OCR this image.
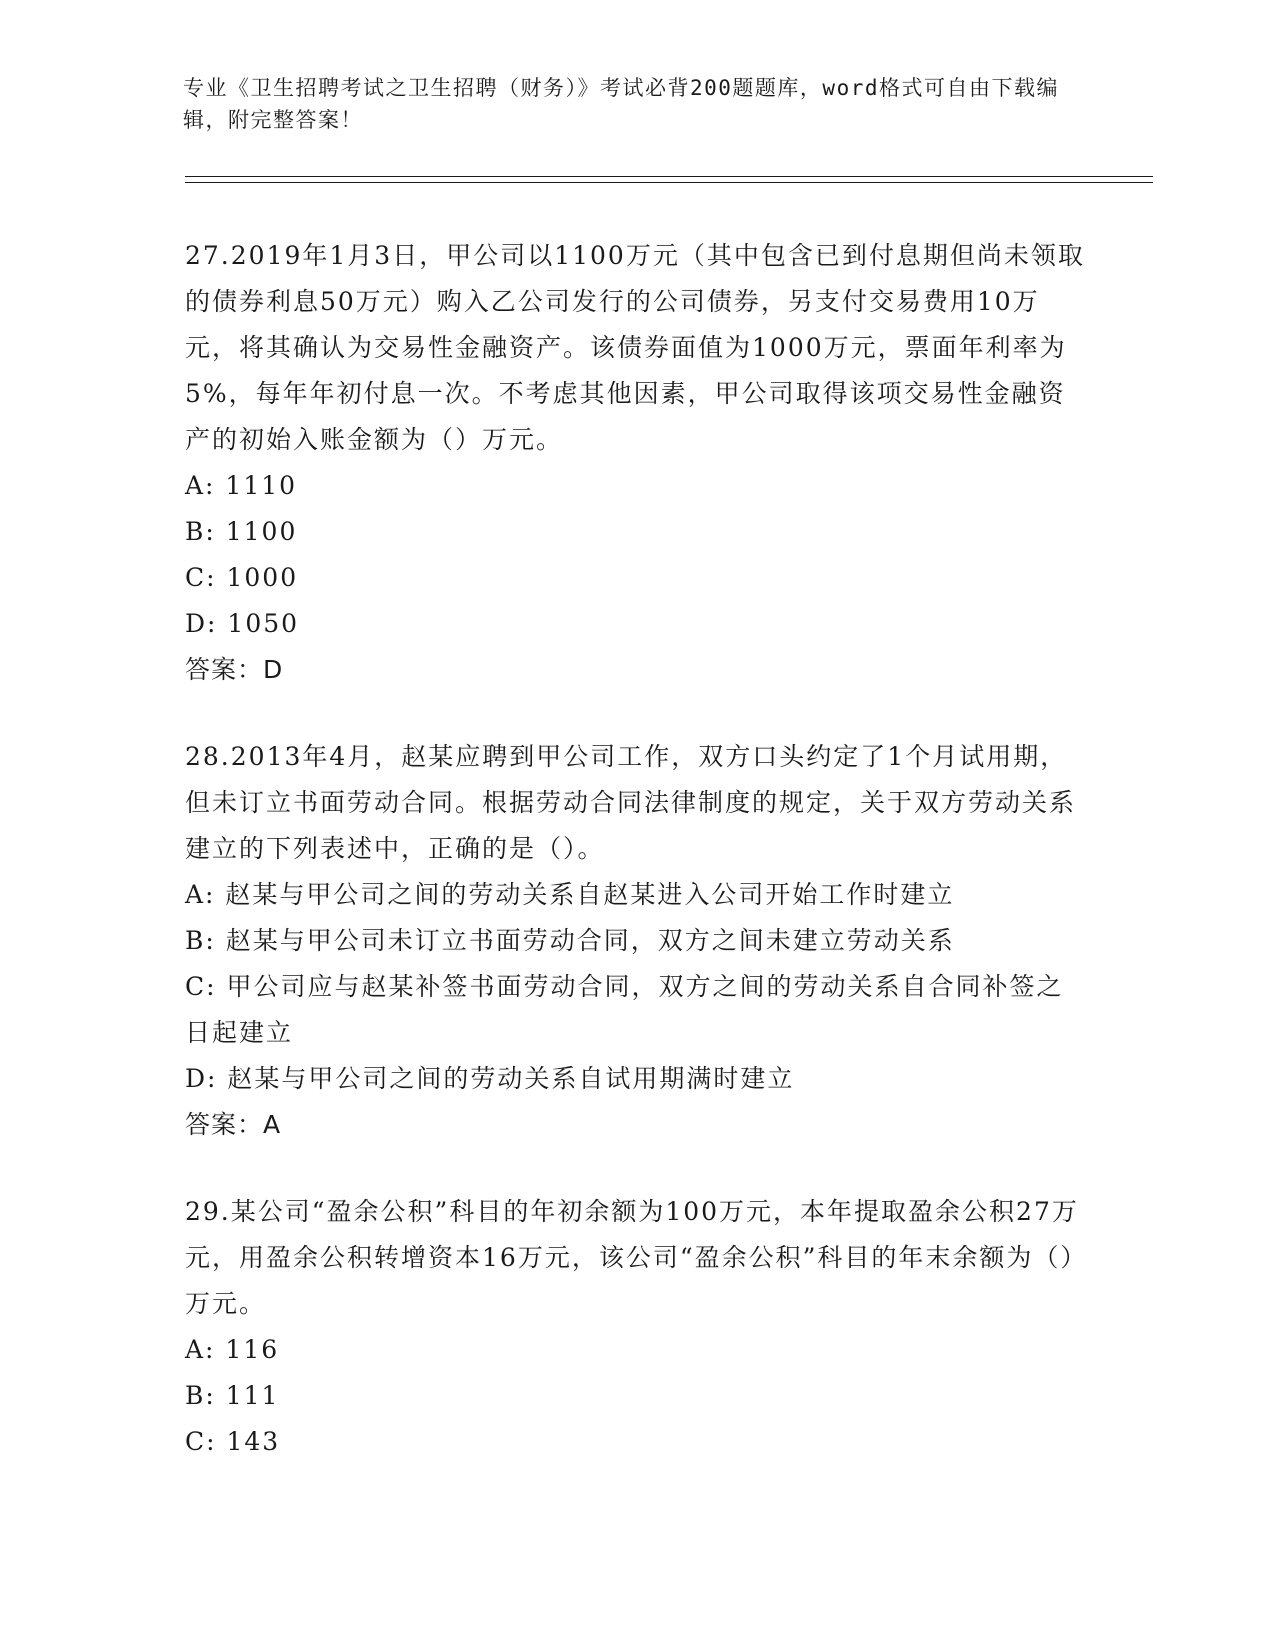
专业《卫生招聘考试之卫生招聘（财务）》考试必背200题题库，word格式可自由下载编辑，附完整答案！

27.2019年1月3日，甲公司以1100万元（其中包含已到付息期但尚未领取的债券利息50万元）购入乙公司发行的公司债券，另支付交易费用10万元，将其确认为交易性金融资产。该债券面值为1000万元，票面年利率为5%，每年年初付息一次。不考虑其他因素，甲公司取得该项交易性金融资产的初始入账金额为（）万元。

A: 1110

B: 1100

C: 1000

D: 1050

答案：D

28.2013年4月，赵某应聘到甲公司工作，双方口头约定了1个月试用期，但未订立书面劳动合同。根据劳动合同法律制度的规定，关于双方劳动关系建立的下列表述中，正确的是（）。

A: 赵某与甲公司之间的劳动关系自赵某进入公司开始工作时建立

B: 赵某与甲公司未订立书面劳动合同，双方之间未建立劳动关系

C: 甲公司应与赵某补签书面劳动合同，双方之间的劳动关系自合同补签之日起建立

D: 赵某与甲公司之间的劳动关系自试用期满时建立

答案：A

29.某公司“盈余公积”科目的年初余额为100万元，本年提取盈余公积27万元，用盈余公积转增资本16万元，该公司“盈余公积”科目的年末余额为（）万元。

A: 116

B: 111

C: 143
